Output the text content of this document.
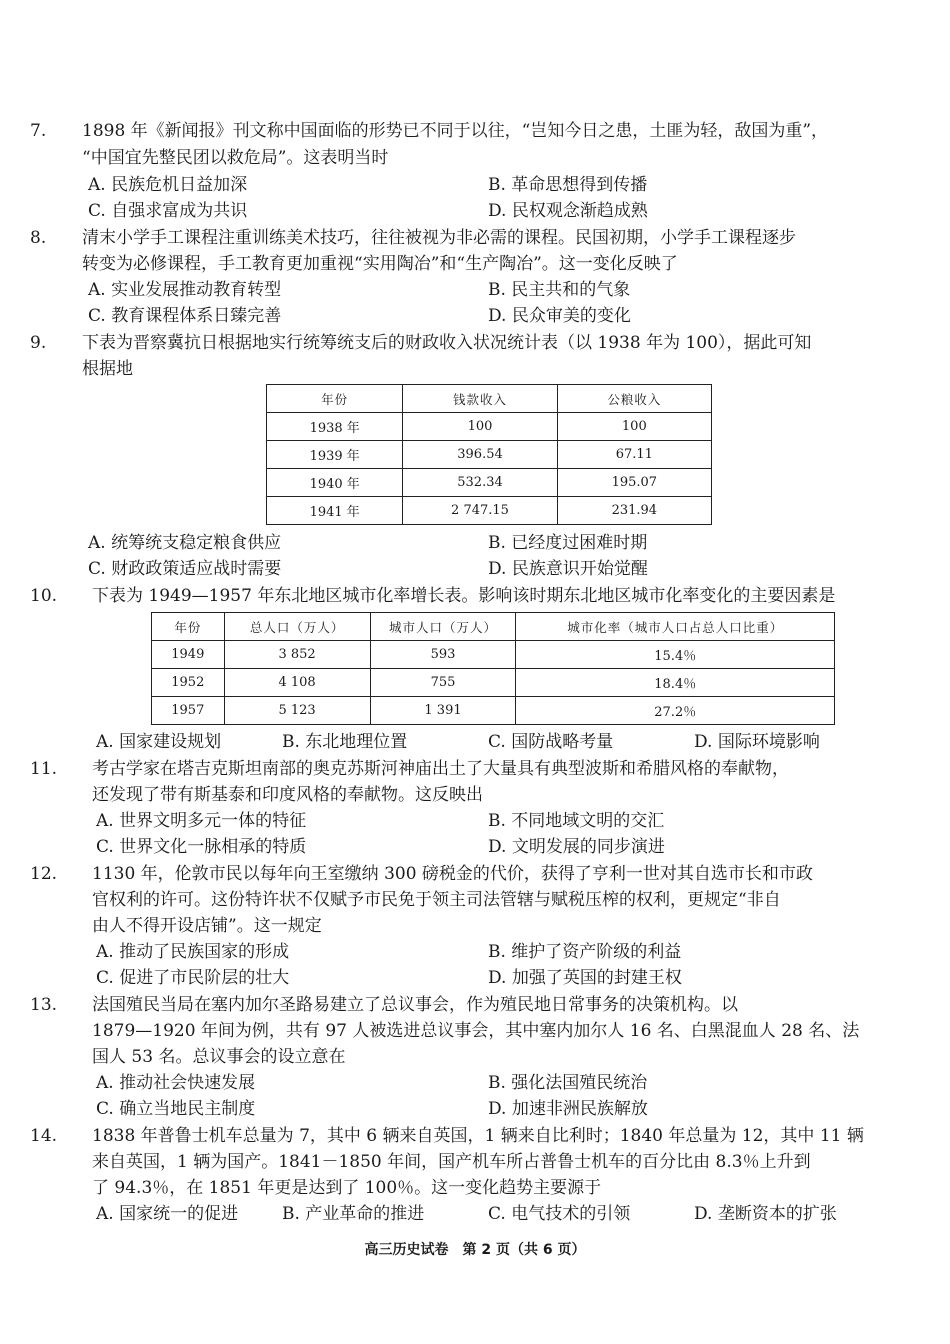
7. 1898 年《新闻报》刊文称中国面临的形势已不同于以往，“岂知今日之患，土匪为轻，敌国为重”，
“中国宜先整民团以救危局”。这表明当时
A. 民族危机日益加深	B. 革命思想得到传播
C. 自强求富成为共识	D. 民权观念渐趋成熟
8. 清末小学手工课程注重训练美术技巧，往往被视为非必需的课程。民国初期，小学手工课程逐步
转变为必修课程，手工教育更加重视“实用陶冶”和“生产陶冶”。这一变化反映了
A. 实业发展推动教育转型	B. 民主共和的气象
C. 教育课程体系日臻完善	D. 民众审美的变化
9. 下表为晋察冀抗日根据地实行统筹统支后的财政收入状况统计表（以 1938 年为 100），据此可知
根据地
年份	钱款收入	公粮收入
1938 年	100	100
1939 年	396.54	67.11
1940 年	532.34	195.07
1941 年	2 747.15	231.94
A. 统筹统支稳定粮食供应	B. 已经度过困难时期
C. 财政政策适应战时需要	D. 民族意识开始觉醒
10. 下表为 1949—1957 年东北地区城市化率增长表。影响该时期东北地区城市化率变化的主要因素是
年份	总人口（万人）	城市人口（万人）	城市化率（城市人口占总人口比重）
1949	3 852	593	15.4％
1952	4 108	755	18.4％
1957	5 123	1 391	27.2％
A. 国家建设规划	B. 东北地理位置	C. 国防战略考量	D. 国际环境影响
11. 考古学家在塔吉克斯坦南部的奥克苏斯河神庙出土了大量具有典型波斯和希腊风格的奉献物，
还发现了带有斯基泰和印度风格的奉献物。这反映出
A. 世界文明多元一体的特征	B. 不同地域文明的交汇
C. 世界文化一脉相承的特质	D. 文明发展的同步演进
12. 1130 年，伦敦市民以每年向王室缴纳 300 磅税金的代价，获得了亨利一世对其自选市长和市政
官权利的许可。这份特许状不仅赋予市民免于领主司法管辖与赋税压榨的权利，更规定“非自
由人不得开设店铺”。这一规定
A. 推动了民族国家的形成	B. 维护了资产阶级的利益
C. 促进了市民阶层的壮大	D. 加强了英国的封建王权
13. 法国殖民当局在塞内加尔圣路易建立了总议事会，作为殖民地日常事务的决策机构。以
1879—1920 年间为例，共有 97 人被选进总议事会，其中塞内加尔人 16 名、白黑混血人 28 名、法
国人 53 名。总议事会的设立意在
A. 推动社会快速发展	B. 强化法国殖民统治
C. 确立当地民主制度	D. 加速非洲民族解放
14. 1838 年普鲁士机车总量为 7，其中 6 辆来自英国，1 辆来自比利时；1840 年总量为 12，其中 11 辆
来自英国，1 辆为国产。1841－1850 年间，国产机车所占普鲁士机车的百分比由 8.3％上升到
了 94.3％，在 1851 年更是达到了 100％。这一变化趋势主要源于
A. 国家统一的促进	B. 产业革命的推进	C. 电气技术的引领	D. 垄断资本的扩张
高三历史试卷　第 2 页（共 6 页）
